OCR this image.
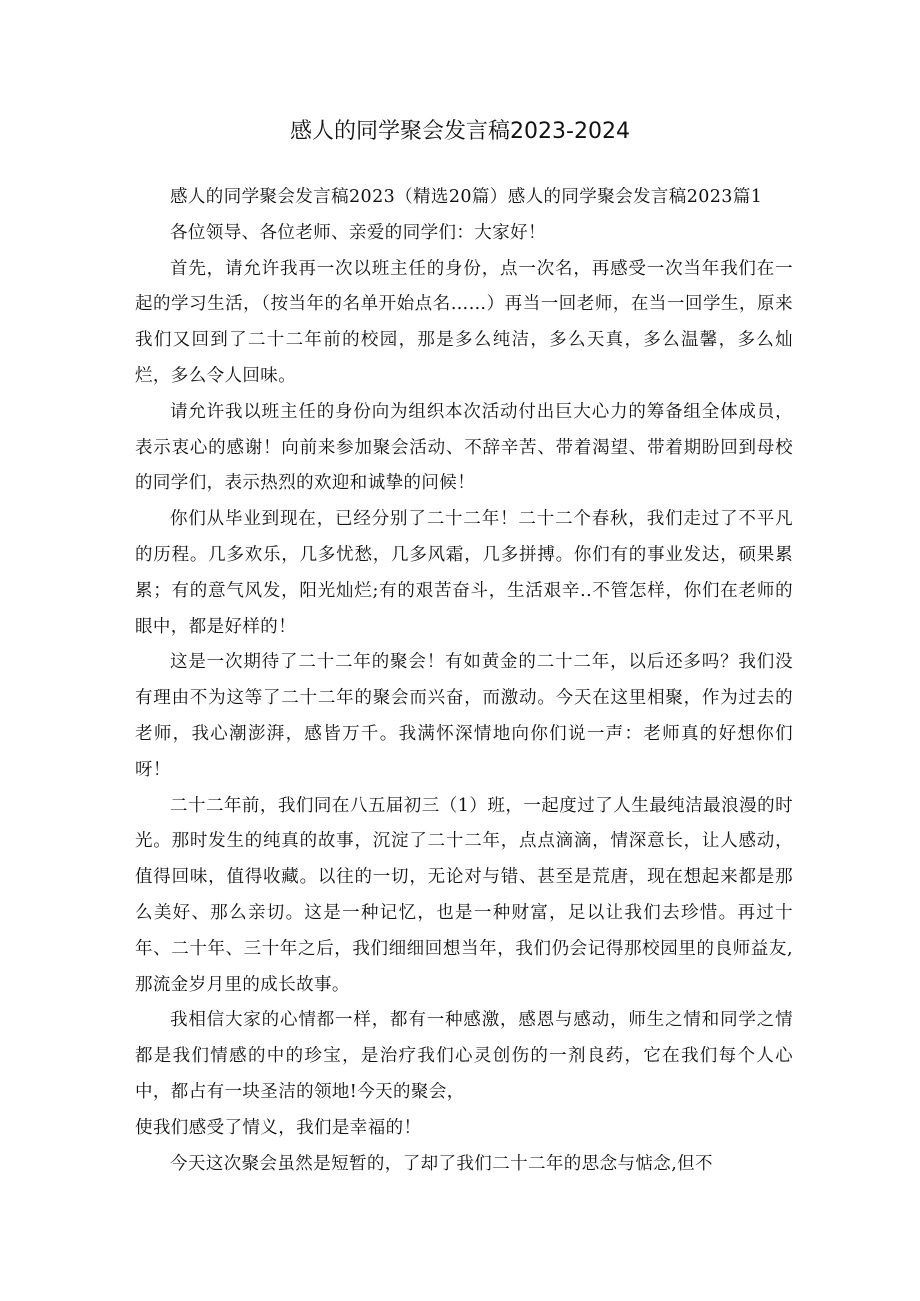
感人的同学聚会发言稿2023-2024

感人的同学聚会发言稿2023（精选20篇）感人的同学聚会发言稿2023篇1

各位领导、各位老师、亲爱的同学们：大家好！

首先，请允许我再一次以班主任的身份，点一次名，再感受一次当年我们在一起的学习生活，（按当年的名单开始点名……）再当一回老师，在当一回学生，原来我们又回到了二十二年前的校园，那是多么纯洁，多么天真，多么温馨，多么灿烂，多么令人回味。

请允许我以班主任的身份向为组织本次活动付出巨大心力的筹备组全体成员，表示衷心的感谢！向前来参加聚会活动、不辞辛苦、带着渴望、带着期盼回到母校的同学们，表示热烈的欢迎和诚挚的问候！

你们从毕业到现在，已经分别了二十二年！二十二个春秋，我们走过了不平凡的历程。几多欢乐，几多忧愁，几多风霜，几多拼搏。你们有的事业发达，硕果累累；有的意气风发，阳光灿烂;有的艰苦奋斗，生活艰辛..不管怎样，你们在老师的眼中，都是好样的！

这是一次期待了二十二年的聚会！有如黄金的二十二年，以后还多吗？我们没有理由不为这等了二十二年的聚会而兴奋，而激动。今天在这里相聚，作为过去的老师，我心潮澎湃，感皆万千。我满怀深情地向你们说一声：老师真的好想你们呀！

二十二年前，我们同在八五届初三（1）班，一起度过了人生最纯洁最浪漫的时光。那时发生的纯真的故事，沉淀了二十二年，点点滴滴，情深意长，让人感动，值得回味，值得收藏。以往的一切，无论对与错、甚至是荒唐，现在想起来都是那么美好、那么亲切。这是一种记忆，也是一种财富，足以让我们去珍惜。再过十年、二十年、三十年之后，我们细细回想当年，我们仍会记得那校园里的良师益友,那流金岁月里的成长故事。

我相信大家的心情都一样，都有一种感激，感恩与感动，师生之情和同学之情都是我们情感的中的珍宝，是治疗我们心灵创伤的一剂良药，它在我们每个人心中，都占有一块圣洁的领地!今天的聚会，

使我们感受了情义，我们是幸福的！

今天这次聚会虽然是短暂的，了却了我们二十二年的思念与惦念,但不
